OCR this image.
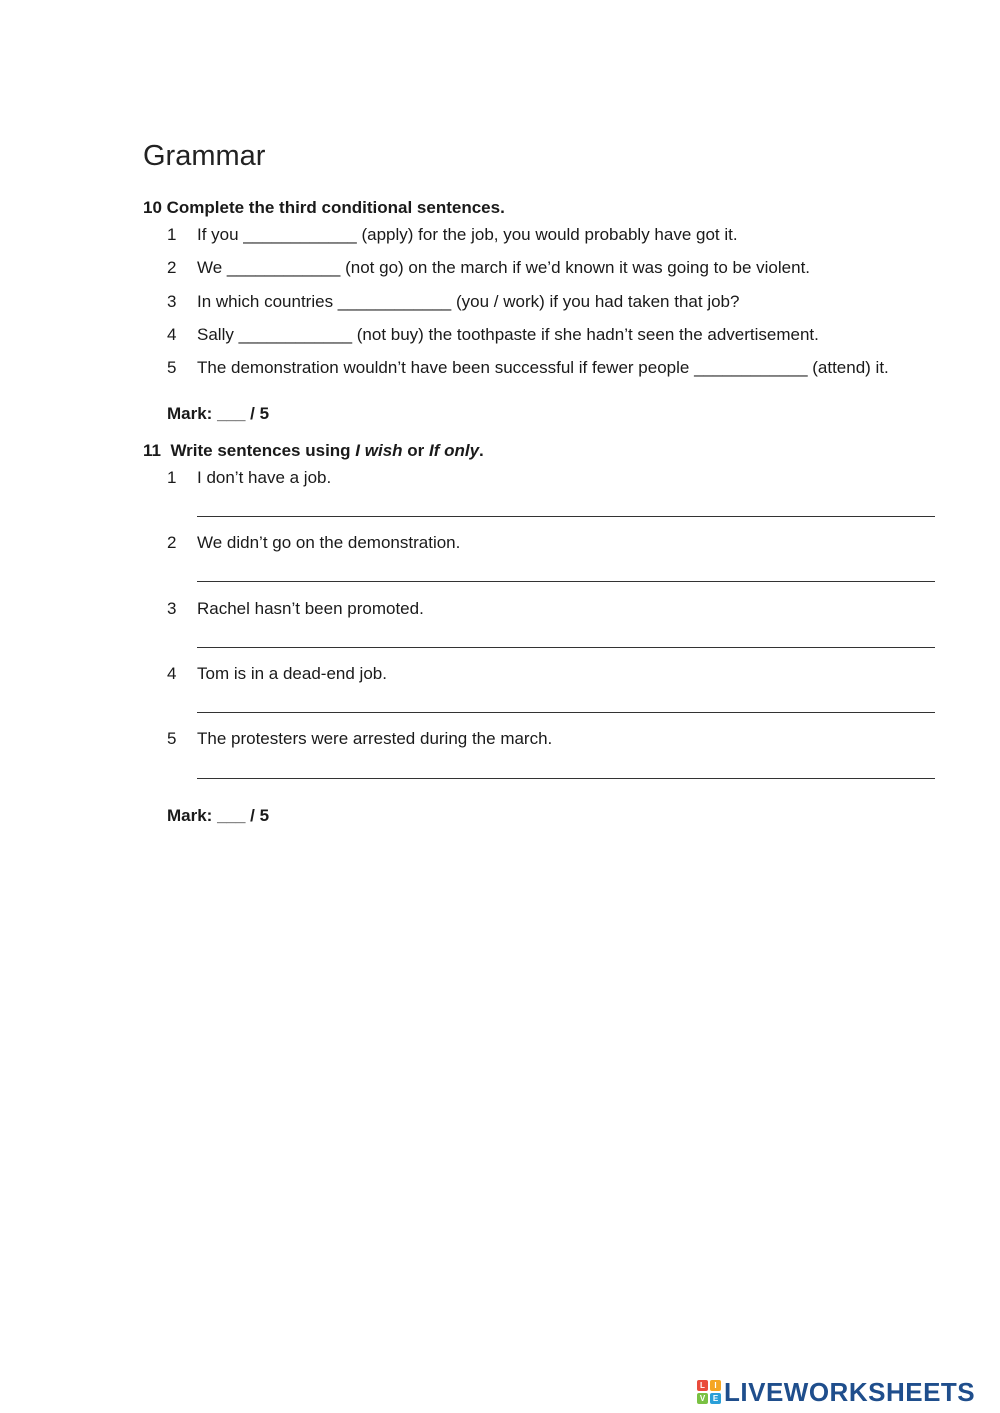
Grammar
10 Complete the third conditional sentences.
1 If you ____________ (apply) for the job, you would probably have got it.
2 We ____________ (not go) on the march if we’d known it was going to be violent.
3 In which countries ____________ (you / work) if you had taken that job?
4 Sally ____________ (not buy) the toothpaste if she hadn’t seen the advertisement.
5 The demonstration wouldn’t have been successful if fewer people ____________ (attend) it.
Mark: ___ / 5
11 Write sentences using I wish or If only.
1 I don’t have a job.
2 We didn’t go on the demonstration.
3 Rachel hasn’t been promoted.
4 Tom is in a dead-end job.
5 The protesters were arrested during the march.
Mark: ___ / 5
L	I
V E LIVEWORKSHEETS
